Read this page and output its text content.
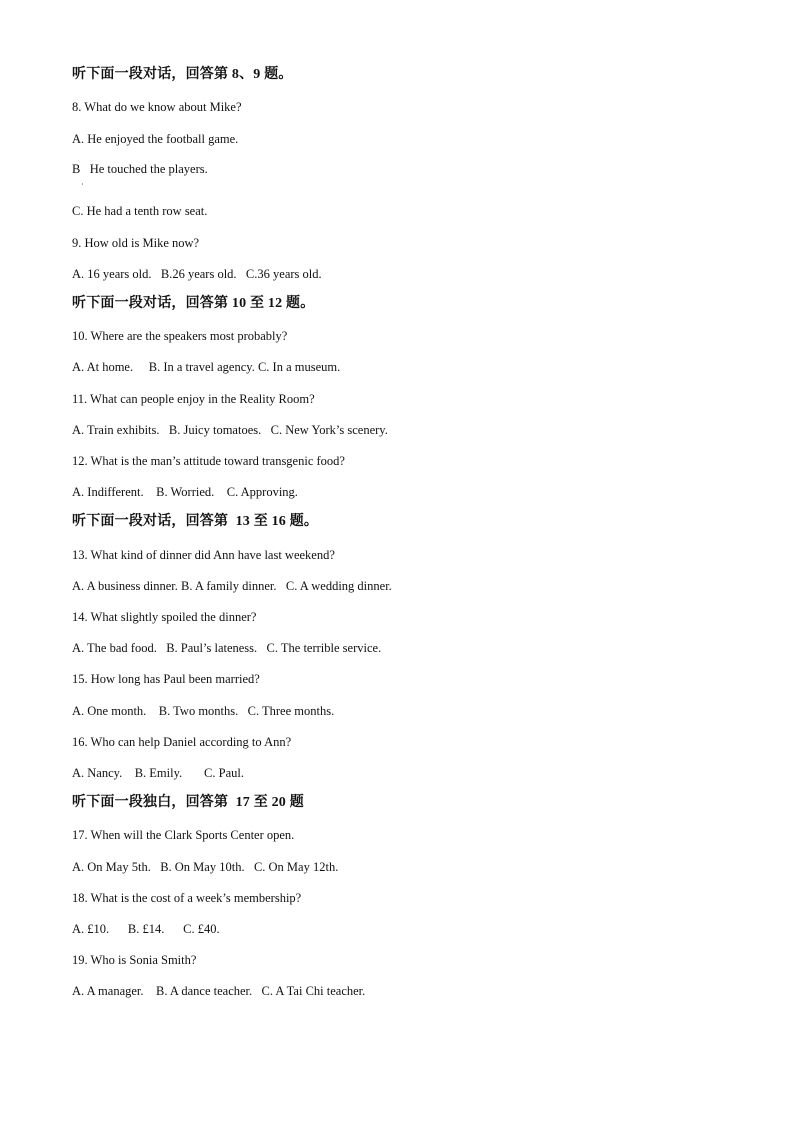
听下面一段对话，回答第 8、9 题。
8. What do we know about Mike?
A. He enjoyed the football game.
B   He touched the players.
·
C. He had a tenth row seat.
9. How old is Mike now?
A. 16 years old.   B.26 years old.   C.36 years old.
听下面一段对话，回答第 10 至 12 题。
10. Where are the speakers most probably?
A. At home.     B. In a travel agency. C. In a museum.
11. What can people enjoy in the Reality Room?
A. Train exhibits.   B. Juicy tomatoes.   C. New York’s scenery.
12. What is the man’s attitude toward transgenic food?
A. Indifferent.    B. Worried.    C. Approving.
听下面一段对话，回答第  13 至 16 题。
13. What kind of dinner did Ann have last weekend?
A. A business dinner. B. A family dinner.   C. A wedding dinner.
14. What slightly spoiled the dinner?
A. The bad food.   B. Paul’s lateness.   C. The terrible service.
15. How long has Paul been married?
A. One month.    B. Two months.   C. Three months.
16. Who can help Daniel according to Ann?
A. Nancy.    B. Emily.       C. Paul.
听下面一段独白，回答第  17 至 20 题
17. When will the Clark Sports Center open.
A. On May 5th.   B. On May 10th.   C. On May 12th.
18. What is the cost of a week’s membership?
A. £10.      B. £14.      C. £40.
19. Who is Sonia Smith?
A. A manager.    B. A dance teacher.   C. A Tai Chi teacher.
